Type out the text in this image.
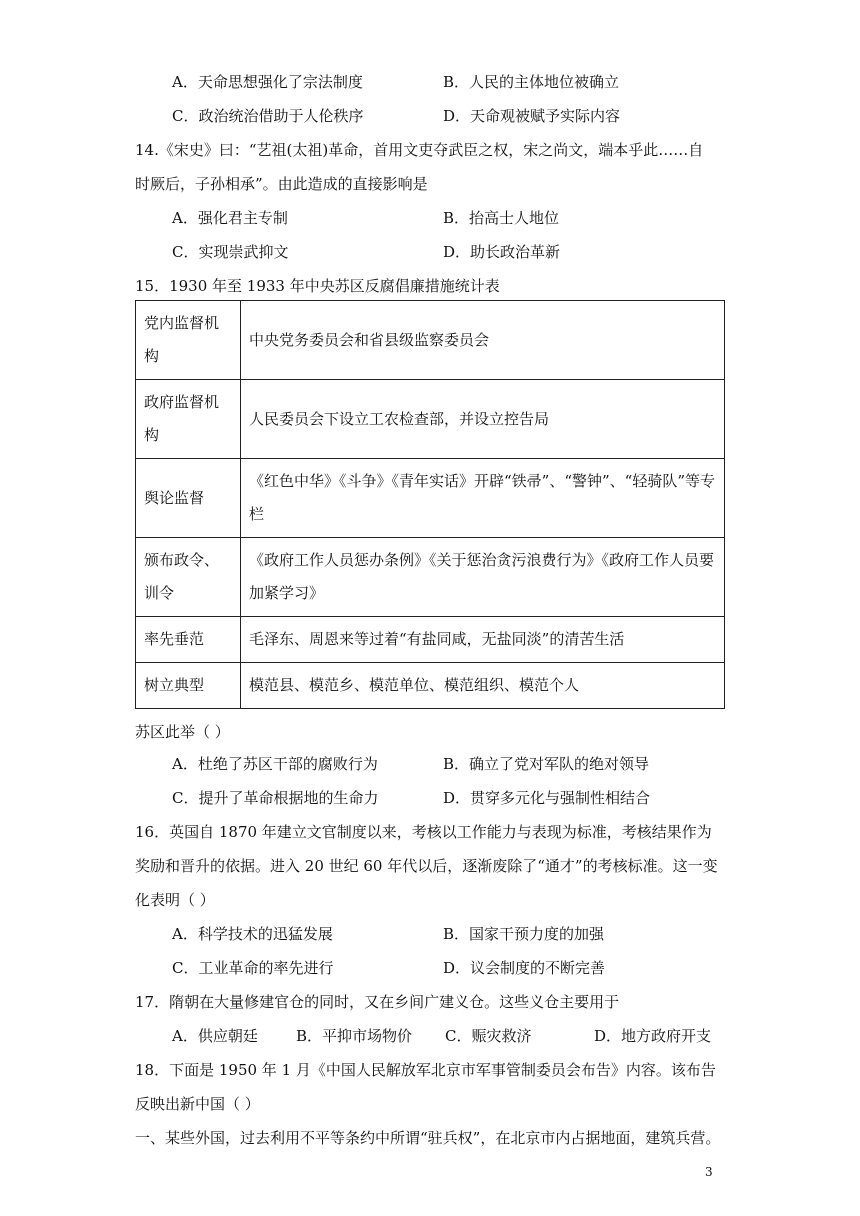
A．天命思想强化了宗法制度	B．人民的主体地位被确立
C．政治统治借助于人伦秩序	D．天命观被赋予实际内容
14.《宋史》曰：“艺祖(太祖)革命，首用文吏夺武臣之权，宋之尚文，端本乎此……自
时厥后，子孙相承”。由此造成的直接影响是
A．强化君主专制	B．抬高士人地位
C．实现崇武抑文	D．助长政治革新
15．1930 年至 1933 年中央苏区反腐倡廉措施统计表
党内监督机构	中央党务委员会和省县级监察委员会
政府监督机构	人民委员会下设立工农检查部，并设立控告局
舆论监督	《红色中华》《斗争》《青年实话》开辟“铁帚”、“警钟”、“轻骑队”等专栏
颁布政令、训令	《政府工作人员惩办条例》《关于惩治贪污浪费行为》《政府工作人员要加紧学习》
率先垂范	毛泽东、周恩来等过着“有盐同咸，无盐同淡”的清苦生活
树立典型	模范县、模范乡、模范单位、模范组织、模范个人
苏区此举（ ）
A．杜绝了苏区干部的腐败行为	B．确立了党对军队的绝对领导
C．提升了革命根据地的生命力	D．贯穿多元化与强制性相结合
16．英国自 1870 年建立文官制度以来，考核以工作能力与表现为标准，考核结果作为
奖励和晋升的依据。进入 20 世纪 60 年代以后，逐渐废除了“通才”的考核标准。这一变
化表明（ ）
A．科学技术的迅猛发展	B．国家干预力度的加强
C．工业革命的率先进行	D．议会制度的不断完善
17．隋朝在大量修建官仓的同时，又在乡间广建义仓。这些义仓主要用于
A．供应朝廷	B．平抑市场物价 C．赈灾救济	D．地方政府开支
18．下面是 1950 年 1 月《中国人民解放军北京市军事管制委员会布告》内容。该布告
反映出新中国（ ）
一、某些外国，过去利用不平等条约中所谓“驻兵权”，在北京市内占据地面，建筑兵营。
3
